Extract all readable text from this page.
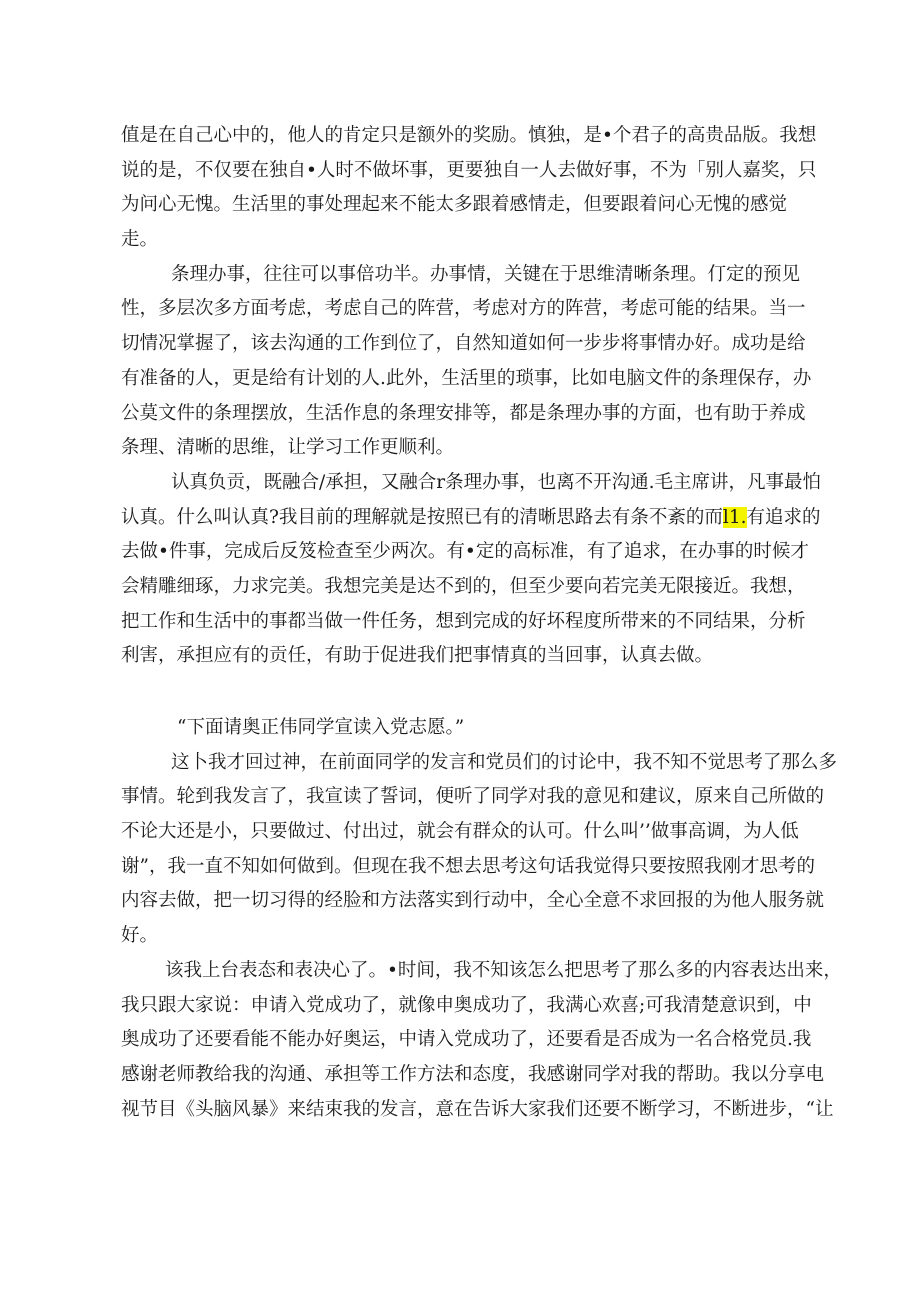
值是在自己心中的，他人的肯定只是额外的奖励。慎独，是•个君子的高贵品版。我想
说的是，不仅要在独自•人时不做坏事，更要独自一人去做好事，不为「别人嘉奖，只
为问心无愧。生活里的事处理起来不能太多跟着感情走，但要跟着问心无愧的感觉
走。
条理办事，往往可以事倍功半。办事情，关键在于思维清晰条理。仃定的预见
性，多层次多方面考虑，考虑自己的阵营，考虑对方的阵营，考虑可能的结果。当一
切情况掌握了，该去沟通的工作到位了，自然知道如何一步步将事情办好。成功是给
有准备的人，更是给有计划的人.此外，生活里的琐事，比如电脑文件的条理保存，办
公莫文件的条理摆放，生活作息的条理安排等，都是条理办事的方面，也有助于养成
条理、清晰的思维，让学习工作更顺利。
认真负贡，既融合/承担，又融合r条理办事，也离不开沟通.毛主席讲，凡事最怕
认真。什么叫认真?我目前的理解就是按照已有的清晰思路去有条不紊的而l1.有追求的
去做•件事，完成后反笈检查至少两次。有•定的高标准，有了追求，在办事的时候才
会精雕细琢，力求完美。我想完美是达不到的，但至少要向若完美无限接近。我想，
把工作和生活中的事都当做一件任务，想到完成的好坏程度所带来的不同结果，分析
利害，承担应有的贡任，有助于促进我们把事情真的当回事，认真去做。
“下面请奥正伟同学宣读入党志愿。”
这卜我才回过神，在前面同学的发言和党员们的讨论中，我不知不觉思考了那么多
事情。轮到我发言了，我宣读了誓词，便听了同学对我的意见和建议，原来自己所做的
不论大还是小，只要做过、付出过，就会有群众的认可。什么叫’’做事高调，为人低
谢”，我一直不知如何做到。但现在我不想去思考这句话我觉得只要按照我刚才思考的
内容去做，把一切习得的经脸和方法落实到行动中，全心全意不求回报的为他人服务就
好。
该我上台表态和表决心了。•时间，我不知该怎么把思考了那么多的内容表达出来，
我只跟大家说：申请入党成功了，就像申奥成功了，我满心欢喜;可我清楚意识到，中
奥成功了还要看能不能办好奥运，中请入党成功了，还要看是否成为一名合格党员.我
感谢老师教给我的沟通、承担等工作方法和态度，我感谢同学对我的帮助。我以分享电
视节目《头脑风暴》来结束我的发言，意在告诉大家我们还要不断学习，不断进步，“让
